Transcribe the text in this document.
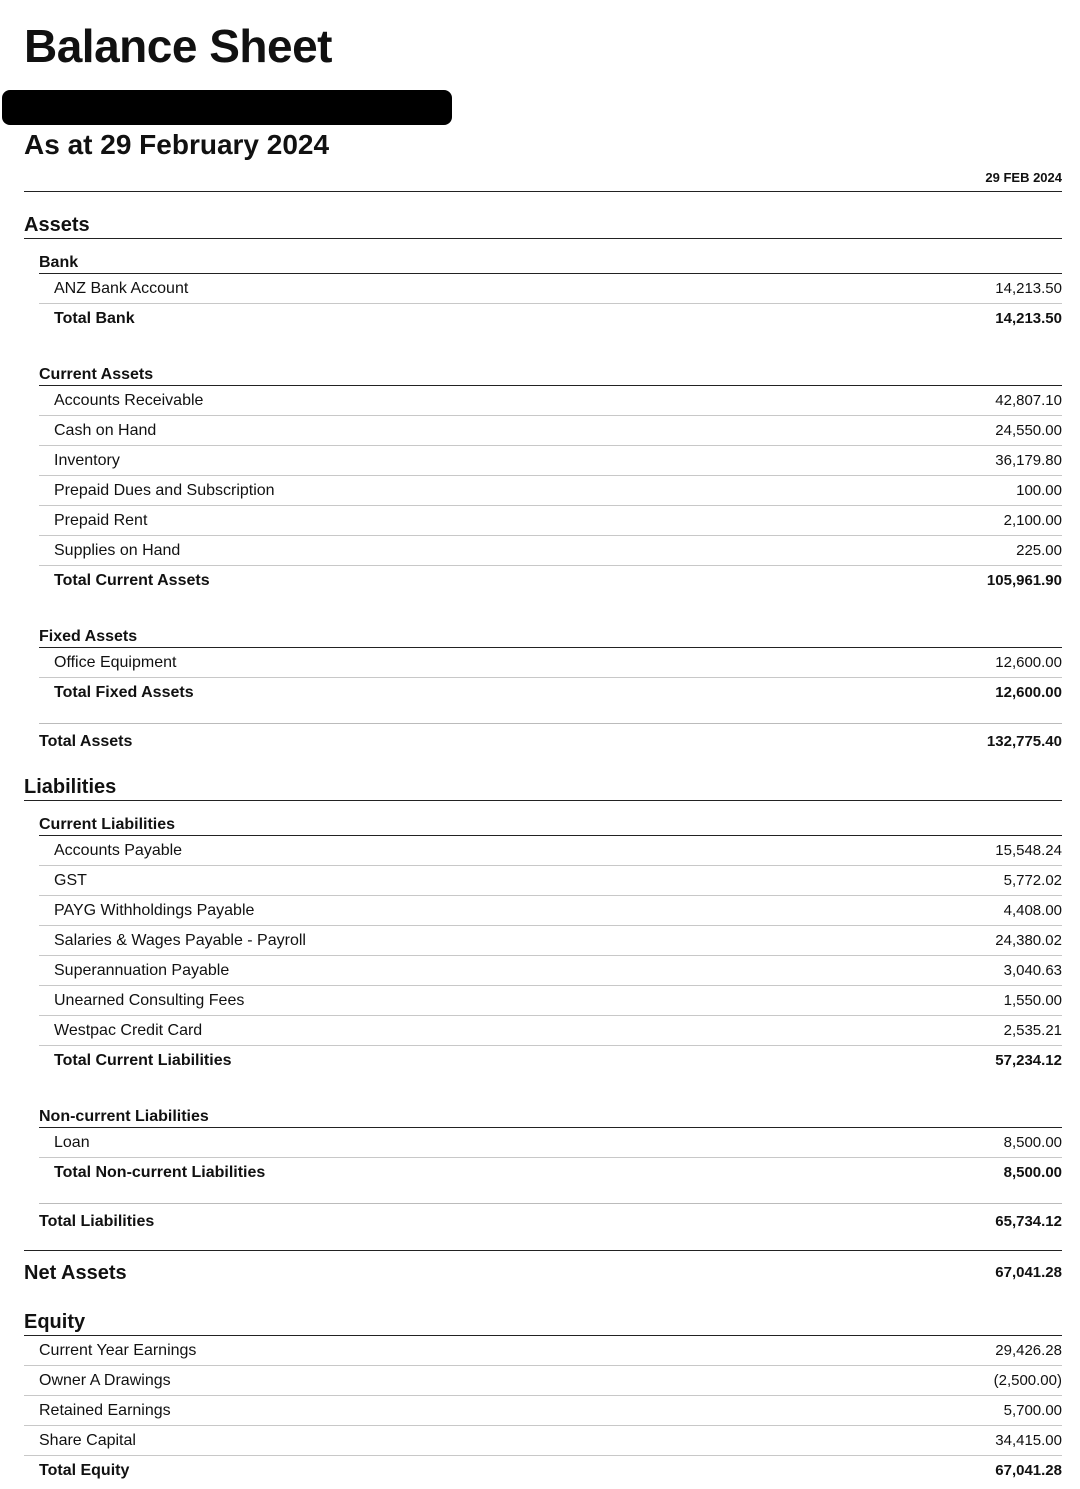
Balance Sheet
As at 29 February 2024
29 FEB 2024
Assets
Bank
ANZ Bank Account	14,213.50
Total Bank	14,213.50
Current Assets
Accounts Receivable	42,807.10
Cash on Hand	24,550.00
Inventory	36,179.80
Prepaid Dues and Subscription	100.00
Prepaid Rent	2,100.00
Supplies on Hand	225.00
Total Current Assets	105,961.90
Fixed Assets
Office Equipment	12,600.00
Total Fixed Assets	12,600.00
Total Assets	132,775.40
Liabilities
Current Liabilities
Accounts Payable	15,548.24
GST	5,772.02
PAYG Withholdings Payable	4,408.00
Salaries & Wages Payable - Payroll	24,380.02
Superannuation Payable	3,040.63
Unearned Consulting Fees	1,550.00
Westpac Credit Card	2,535.21
Total Current Liabilities	57,234.12
Non-current Liabilities
Loan	8,500.00
Total Non-current Liabilities	8,500.00
Total Liabilities	65,734.12
Net Assets	67,041.28
Equity
Current Year Earnings	29,426.28
Owner A Drawings	(2,500.00)
Retained Earnings	5,700.00
Share Capital	34,415.00
Total Equity	67,041.28
